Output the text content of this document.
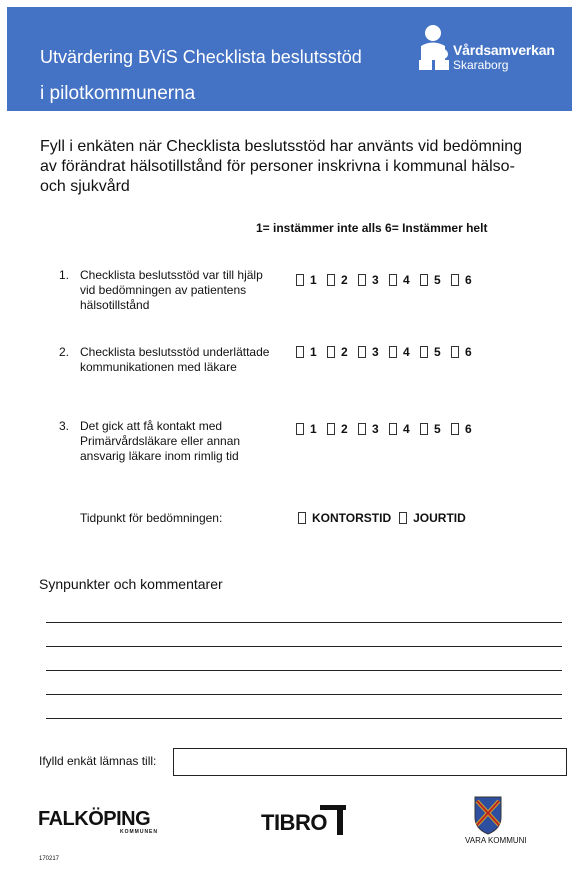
Utvärdering BViS Checklista beslutsstöd
i pilotkommunerna
Vårdsamverkan
Skaraborg
Fyll i enkäten när Checklista beslutsstöd har använts vid bedömning av förändrat hälsotillstånd för personer inskrivna i kommunal hälso- och sjukvård
1= instämmer inte alls 6= Instämmer helt
1. Checklista beslutsstöd var till hjälp vid bedömningen av patientens hälsotillstånd
1 2 3 4 5 6
2. Checklista beslutsstöd underlättade kommunikationen med läkare
1 2 3 4 5 6
3. Det gick att få kontakt med Primärvårdsläkare eller annan ansvarig läkare inom rimlig tid
1 2 3 4 5 6
Tidpunkt för bedömningen:	KONTORSTID JOURTID
Synpunkter och kommentarer
Ifylld enkät lämnas till:
FALKÖPING
KOMMUNEN	TIBRO
VARA KOMMUNI
170217
